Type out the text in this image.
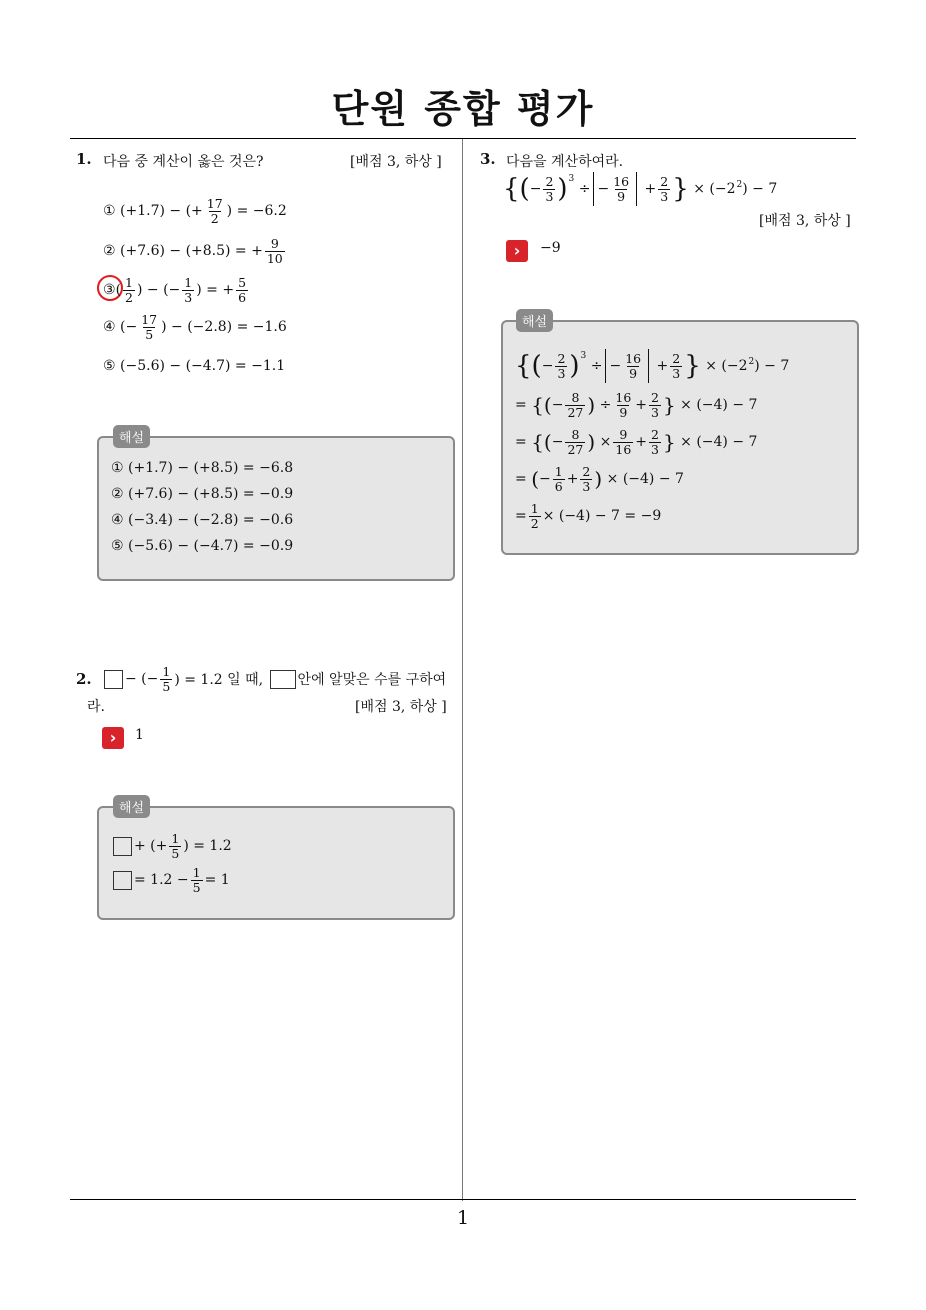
단원 종합 평가
1
1. 다음 중 계산이 옳은 것은?	[배점 3, 하상 ]
①
(+1.7) − (+ $\frac{17}{2}$ ) = −6.2
②
(+7.6) − (+8.5) = + $\frac{9}{10}$
③ ( $\frac{1}{2}$ ) − (− $\frac{1}{3}$ ) = + $\frac{5}{6}$
④
(− $\frac{17}{5}$ ) − (−2.8) = −1.6
⑤
(−5.6) − (−4.7) = −1.1
① (+1.7) − (+8.5) = −6.8
② (+7.6) − (+8.5) = −0.9
④ (−3.4) − (−2.8) = −0.6
⑤ (−5.6) − (−4.7) = −0.9
해설
2. − (− $\frac{1}{5}$ ) = 1.2 일 때,
안에 알맞은 수를 구하여
라.	[배점 3, 하상 ]
›	1
+ (+ $\frac{1}{5}$ ) = 1.2
= $1.2 - \frac{1}{5} = 1$
해설
3. 다음을 계산하여라.
{ ( − $\frac{2}{3}$ ) 3

÷ − $\frac{16}{9} + \frac{2}{3}$ }
× (−2 2 ) − 7
[배점 3, 하상 ]
›	−9
{ ( − $\frac{2}{3}$ ) 3

÷ − $\frac{16}{9} + \frac{2}{3}$ }
× (−2 2 ) − 7
= { ( − $\frac{8}{27}$ ) ÷ $\frac{16}{9} + \frac{2}{3}$ }
× (−4) − 7
= { ( − $\frac{8}{27}$ ) × $\frac{9}{16} + \frac{2}{3}$ }
× (−4) − 7
= ( − $\frac{1}{6} + \frac{2}{3}$ )
× (−4) − 7
= $\frac{1}{2} \times (-4) - 7 = -9$
해설
